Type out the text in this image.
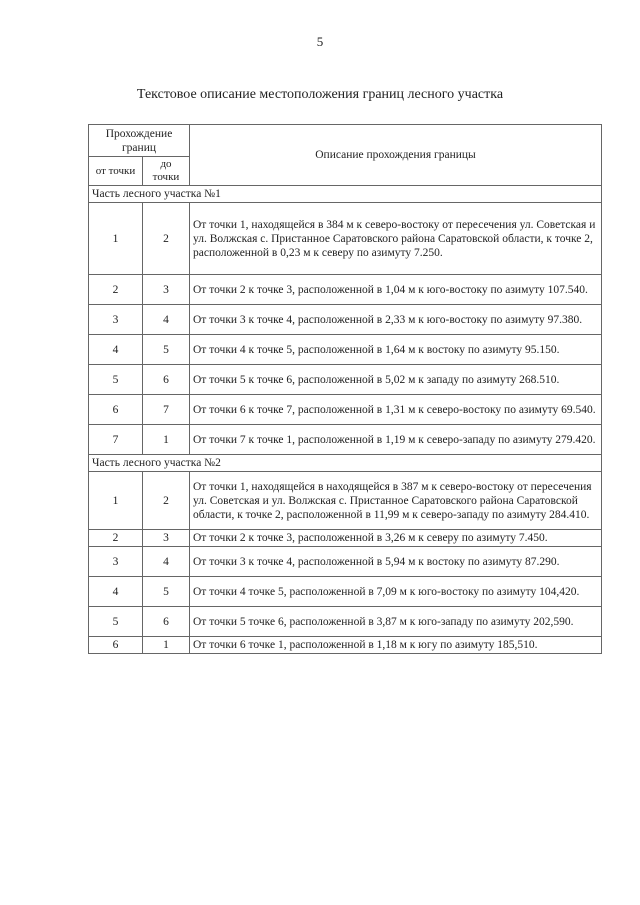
5
Текстовое описание местоположения границ лесного участка
Прохождение границ		Описание прохождения границы
от точки	до точки	
Часть лесного участка №1		
1	2	От точки 1, находящейся в 384 м к северо-востоку от пересечения ул. Советская и ул. Волжская с. Пристанное Саратовского района Саратовской области, к точке 2, расположенной в 0,23 м к северу по азимуту 7.250.
2	3	От точки 2 к точке 3, расположенной в 1,04 м к юго-востоку по азимуту 107.540.
3	4	От точки 3 к точке 4, расположенной в 2,33 м к юго-востоку по азимуту 97.380.
4	5	От точки 4 к точке 5, расположенной в 1,64 м к востоку по азимуту 95.150.
5	6	От точки 5 к точке 6, расположенной в 5,02 м к западу по азимуту 268.510.
6	7	От точки 6 к точке 7, расположенной в 1,31 м к северо-востоку по азимуту 69.540.
7	1	От точки 7 к точке 1, расположенной в 1,19 м к северо-западу по азимуту 279.420.
Часть лесного участка №2		
1	2	От точки 1, находящейся в находящейся в 387 м к северо-востоку от пересечения ул. Советская и ул. Волжская с. Пристанное Саратовского района Саратовской области, к точке 2, расположенной в 11,99 м к северо-западу по азимуту 284.410.
2	3	От точки 2 к точке 3, расположенной в 3,26 м к северу по азимуту 7.450.
3	4	От точки 3 к точке 4, расположенной в 5,94 м к востоку по азимуту 87.290.
4	5	От точки 4 точке 5, расположенной в 7,09 м к юго-востоку по азимуту 104,420.
5	6	От точки 5 точке 6, расположенной в 3,87 м к юго-западу по азимуту 202,590.
6	1	От точки 6 точке 1, расположенной в 1,18 м к югу по азимуту 185,510.
